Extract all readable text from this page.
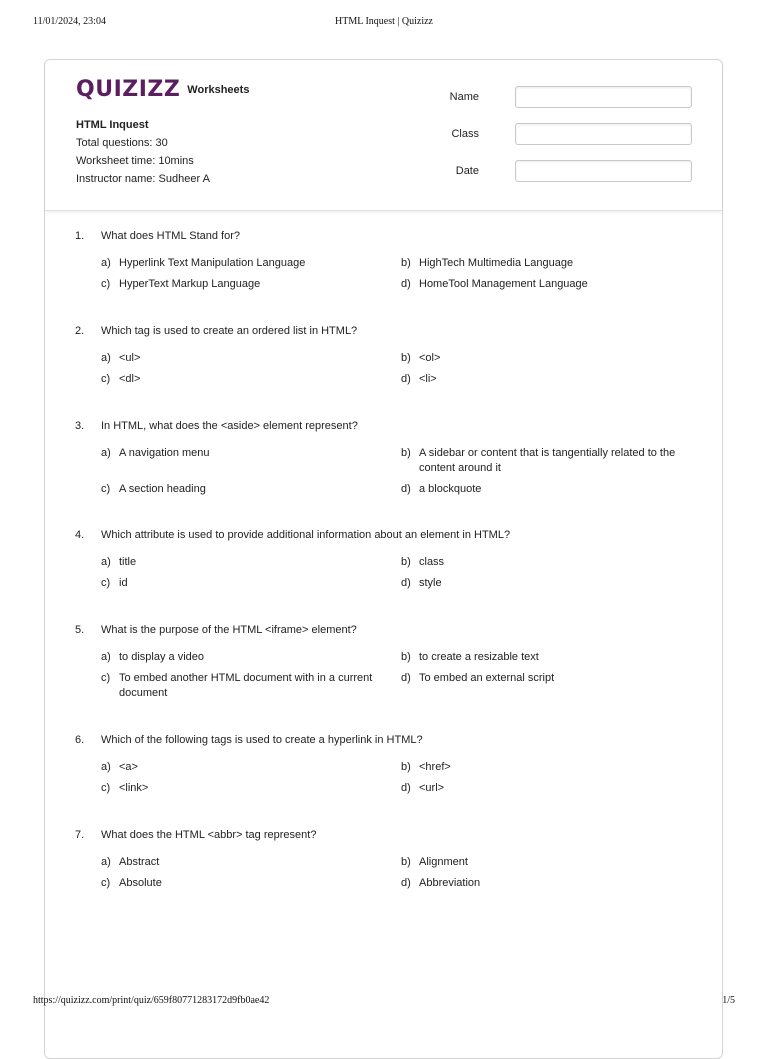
11/01/2024, 23:04	HTML Inquest | Quizizz
QUIZIZZ Worksheets
HTML Inquest
Total questions: 30
Worksheet time: 10mins
Instructor name: Sudheer A
Name
Class
Date
1. What does HTML Stand for?
a) Hyperlink Text Manipulation Language	b) HighTech Multimedia Language
c) HyperText Markup Language	d) HomeTool Management Language
2. Which tag is used to create an ordered list in HTML?
a) <ul>	b) <ol>
c) <dl>	d) <li>
3. In HTML, what does the <aside> element represent?
a) A navigation menu	b) A sidebar or content that is tangentially related to the content around it
c) A section heading	d) a blockquote
4. Which attribute is used to provide additional information about an element in HTML?
a) title	b) class
c) id	d) style
5. What is the purpose of the HTML <iframe> element?
a) to display a video	b) to create a resizable text
c) To embed another HTML document with in a current document
d) To embed an external script
6. Which of the following tags is used to create a hyperlink in HTML?
a) <a>	b) <href>
c) <link>	d) <url>
7. What does the HTML <abbr> tag represent?
a) Abstract	b) Alignment
c) Absolute	d) Abbreviation
https://quizizz.com/print/quiz/659f80771283172d9fb0ae42	1/5
